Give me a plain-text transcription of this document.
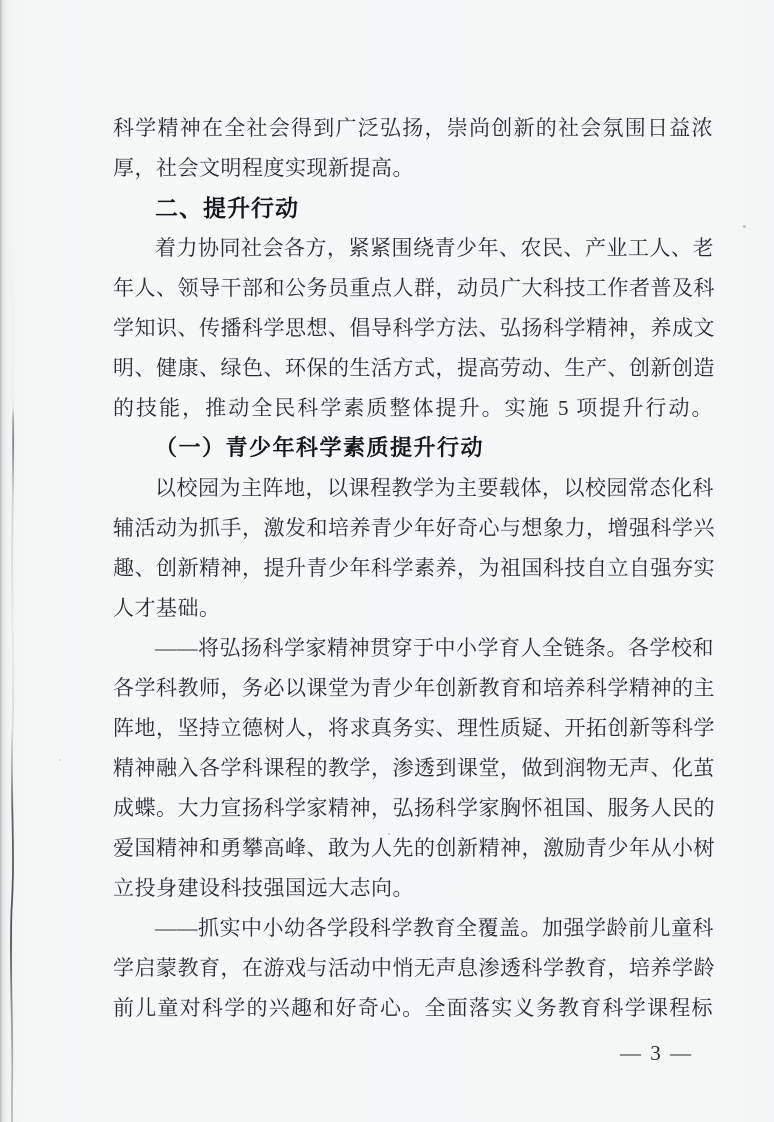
科学精神在全社会得到广泛弘扬，崇尚创新的社会氛围日益浓
厚，社会文明程度实现新提高。
二、提升行动
着力协同社会各方，紧紧围绕青少年、农民、产业工人、老
年人、领导干部和公务员重点人群，动员广大科技工作者普及科
学知识、传播科学思想、倡导科学方法、弘扬科学精神，养成文
明、健康、绿色、环保的生活方式，提高劳动、生产、创新创造
的技能，推动全民科学素质整体提升。实施 5 项提升行动。
（一）青少年科学素质提升行动
以校园为主阵地，以课程教学为主要载体，以校园常态化科
辅活动为抓手，激发和培养青少年好奇心与想象力，增强科学兴
趣、创新精神，提升青少年科学素养，为祖国科技自立自强夯实
人才基础。
——将弘扬科学家精神贯穿于中小学育人全链条。各学校和
各学科教师，务必以课堂为青少年创新教育和培养科学精神的主
阵地，坚持立德树人，将求真务实、理性质疑、开拓创新等科学
精神融入各学科课程的教学，渗透到课堂，做到润物无声、化茧
成蝶。大力宣扬科学家精神，弘扬科学家胸怀祖国、服务人民的
爱国精神和勇攀高峰、敢为人先的创新精神，激励青少年从小树
立投身建设科技强国远大志向。
——抓实中小幼各学段科学教育全覆盖。加强学龄前儿童科
学启蒙教育，在游戏与活动中悄无声息渗透科学教育，培养学龄
前儿童对科学的兴趣和好奇心。全面落实义务教育科学课程标
— 3 —
